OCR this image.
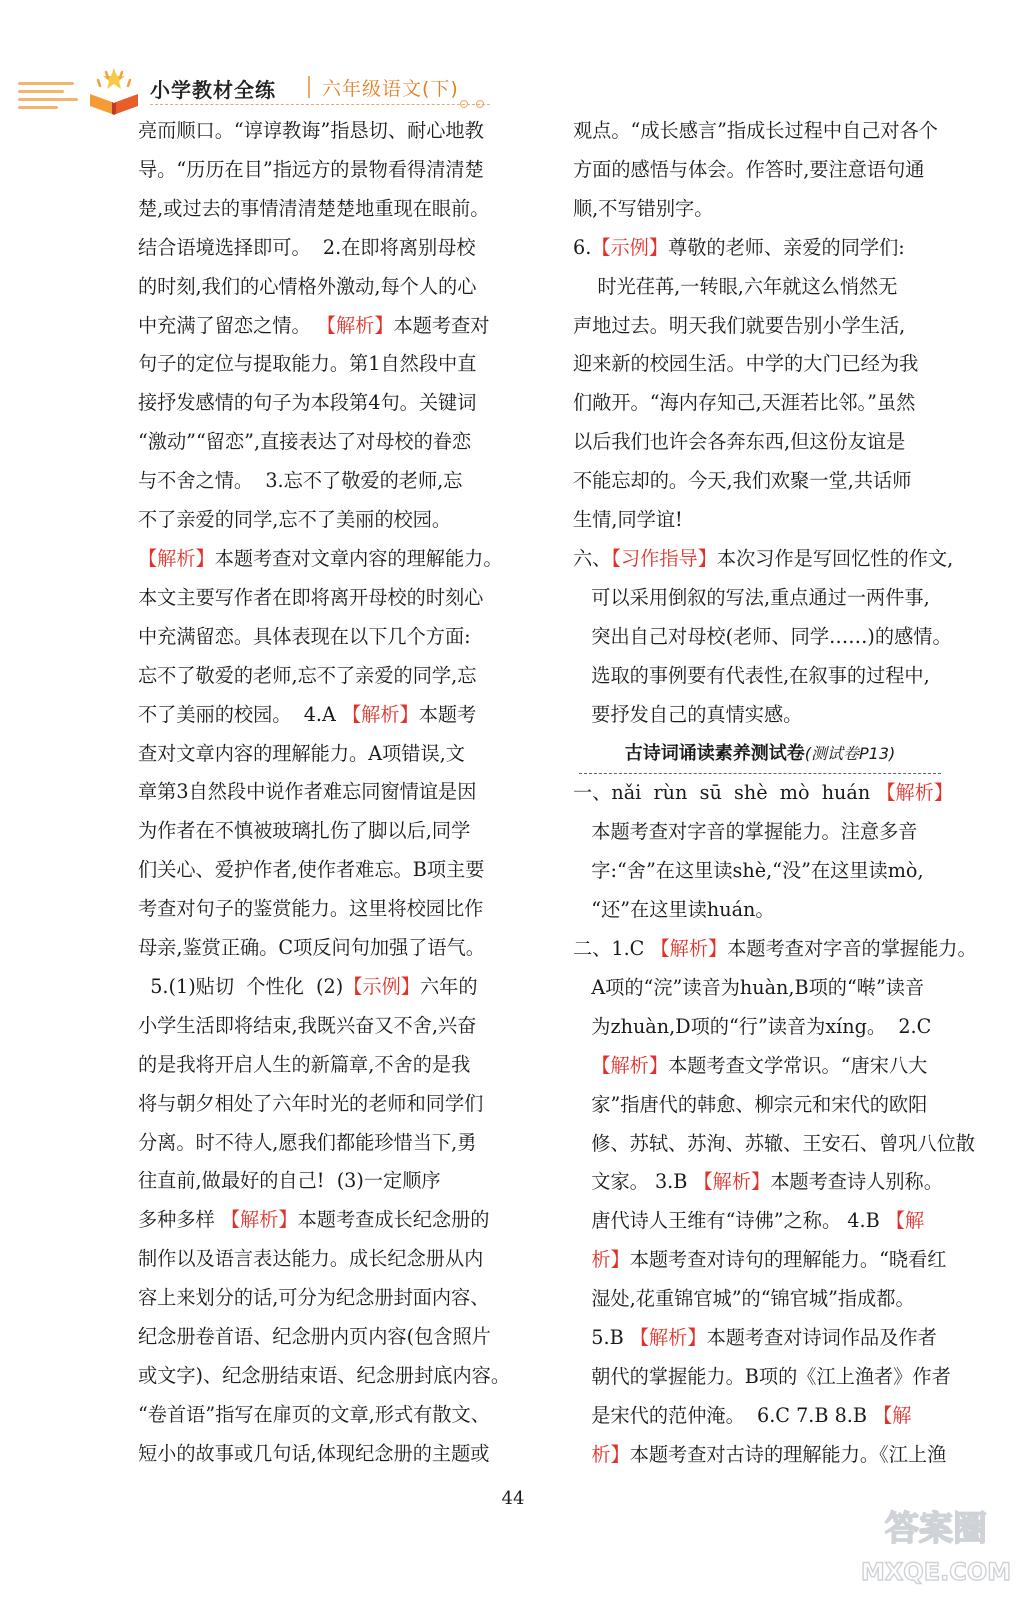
小学教材全练 六年级语文(下)

亮而顺口。“谆谆教诲”指恳切、耐心地教

导。“历历在目”指远方的景物看得清清楚

楚,或过去的事情清清楚楚地重现在眼前。

结合语境选择即可。  2.在即将离别母校

的时刻,我们的心情格外激动,每个人的心

中充满了留恋之情。 【解析】本题考查对

句子的定位与提取能力。第1自然段中直

接抒发感情的句子为本段第4句。关键词

“激动”“留恋”,直接表达了对母校的眷恋

与不舍之情。  3.忘不了敬爱的老师,忘

不了亲爱的同学,忘不了美丽的校园。

【解析】本题考查对文章内容的理解能力。

本文主要写作者在即将离开母校的时刻心

中充满留恋。具体表现在以下几个方面:

忘不了敬爱的老师,忘不了亲爱的同学,忘

不了美丽的校园。  4.A 【解析】本题考

查对文章内容的理解能力。A项错误,文

章第3自然段中说作者难忘同窗情谊是因

为作者在不慎被玻璃扎伤了脚以后,同学

们关心、爱护作者,使作者难忘。B项主要

考查对句子的鉴赏能力。这里将校园比作

母亲,鉴赏正确。C项反问句加强了语气。

5.(1)贴切  个性化  (2)【示例】六年的

小学生活即将结束,我既兴奋又不舍,兴奋

的是我将开启人生的新篇章,不舍的是我

将与朝夕相处了六年时光的老师和同学们

分离。时不待人,愿我们都能珍惜当下,勇

往直前,做最好的自己!  (3)一定顺序

多种多样 【解析】本题考查成长纪念册的

制作以及语言表达能力。成长纪念册从内

容上来划分的话,可分为纪念册封面内容、

纪念册卷首语、纪念册内页内容(包含照片

或文字)、纪念册结束语、纪念册封底内容。

“卷首语”指写在扉页的文章,形式有散文、

短小的故事或几句话,体现纪念册的主题或

观点。“成长感言”指成长过程中自己对各个

方面的感悟与体会。作答时,要注意语句通

顺,不写错别字。

6.【示例】尊敬的老师、亲爱的同学们:

时光荏苒,一转眼,六年就这么悄然无

声地过去。明天我们就要告别小学生活,

迎来新的校园生活。中学的大门已经为我

们敞开。“海内存知己,天涯若比邻。”虽然

以后我们也许会各奔东西,但这份友谊是

不能忘却的。今天,我们欢聚一堂,共话师

生情,同学谊!

六、【习作指导】本次习作是写回忆性的作文,

可以采用倒叙的写法,重点通过一两件事,

突出自己对母校(老师、同学……)的感情。

选取的事例要有代表性,在叙事的过程中,

要抒发自己的真情实感。

古诗词诵读素养测试卷(测试卷P13)

一、nǎi  rùn  sū  shè  mò  huán 【解析】

本题考查对字音的掌握能力。注意多音

字:“舍”在这里读shè,“没”在这里读mò,

“还”在这里读huán。

二、1.C 【解析】本题考查对字音的掌握能力。

A项的“浣”读音为huàn,B项的“啭”读音

为zhuàn,D项的“行”读音为xíng。  2.C

【解析】本题考查文学常识。“唐宋八大

家”指唐代的韩愈、柳宗元和宋代的欧阳

修、苏轼、苏洵、苏辙、王安石、曾巩八位散

文家。 3.B 【解析】本题考查诗人别称。

唐代诗人王维有“诗佛”之称。 4.B 【解

析】本题考查对诗句的理解能力。“晓看红

湿处,花重锦官城”的“锦官城”指成都。

5.B 【解析】本题考查对诗词作品及作者

朝代的掌握能力。B项的《江上渔者》作者

是宋代的范仲淹。  6.C 7.B 8.B 【解

析】本题考查对古诗的理解能力。《江上渔

44
答案圈
MXQE.COM
